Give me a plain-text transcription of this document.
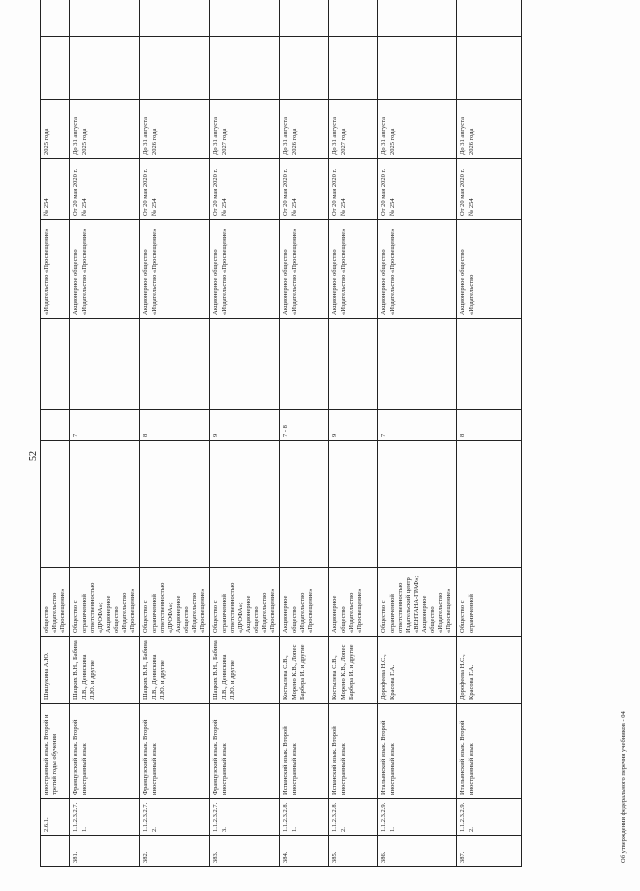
52

	2.6.1.	иностранный язык. Второй и третий годы обучения	Шишукина А.Ю.	общество «Издательство «Просвещение»				«Издательство «Просвещение»	№ 254	2025 года		

381.	1.1.2.3.2.7.1.	Французский язык. Второй иностранный язык	Шацких В.Н., Бабина Л.В., Денискина Л.Ю. и другие	Общество с ограниченной ответственностью «ДРОФА»; Акционерное общество «Издательство «Просвещение»		7		Акционерное общество «Издательство «Просвещение»	От 20 мая 2020 г. № 254	До 31 августа 2025 года		

382.	1.1.2.3.2.7.2.	Французский язык. Второй иностранный язык	Шацких В.Н., Бабина Л.В., Денискина Л.Ю. и другие	Общество с ограниченной ответственностью «ДРОФА»; Акционерное общество «Издательство «Просвещение»		8		Акционерное общество «Издательство «Просвещение»	От 20 мая 2020 г. № 254	До 31 августа 2026 года		

383.	1.1.2.3.2.7.3.	Французский язык. Второй иностранный язык	Шацких В.Н., Бабина Л.В., Денискина Л.Ю. и другие	Общество с ограниченной ответственностью «ДРОФА»; Акционерное общество «Издательство «Просвещение»		9		Акционерное общество «Издательство «Просвещение»	От 20 мая 2020 г. № 254	До 31 августа 2027 года		

384.	1.1.2.3.2.8.1.	Испанский язык. Второй иностранный язык	Костылева С.В., Морено К.В., Лопес Барбера И. и другие	Акционерное общество «Издательство «Просвещение»		7 - 8		Акционерное общество «Издательство «Просвещение»	От 20 мая 2020 г. № 254	До 31 августа 2026 года		

385.	1.1.2.3.2.8.2.	Испанский язык. Второй иностранный язык	Костылева С.В., Морено К.В., Лопес Барбера И. и другие	Акционерное общество «Издательство «Просвещение»		9		Акционерное общество «Издательство «Просвещение»	От 20 мая 2020 г. № 254	До 31 августа 2027 года		

386.	1.1.2.3.2.9.1.	Итальянский язык. Второй иностранный язык	Дорофеева Н.С., Красова Г.А.	Общество с ограниченной ответственностью Издательский центр «ВЕНТАНА-ГРАФ»; Акционерное общество «Издательство «Просвещение»		7		Акционерное общество «Издательство «Просвещение»	От 20 мая 2020 г. № 254	До 31 августа 2025 года		

387.	1.1.2.3.2.9.2.	Итальянский язык. Второй иностранный язык	Дорофеева Н.С., Красова Г.А.	Общество с ограниченной		8		Акционерное общество «Издательство	От 20 мая 2020 г. № 254	До 31 августа 2026 года		

Об утверждении федерального перечня учебников - 04
